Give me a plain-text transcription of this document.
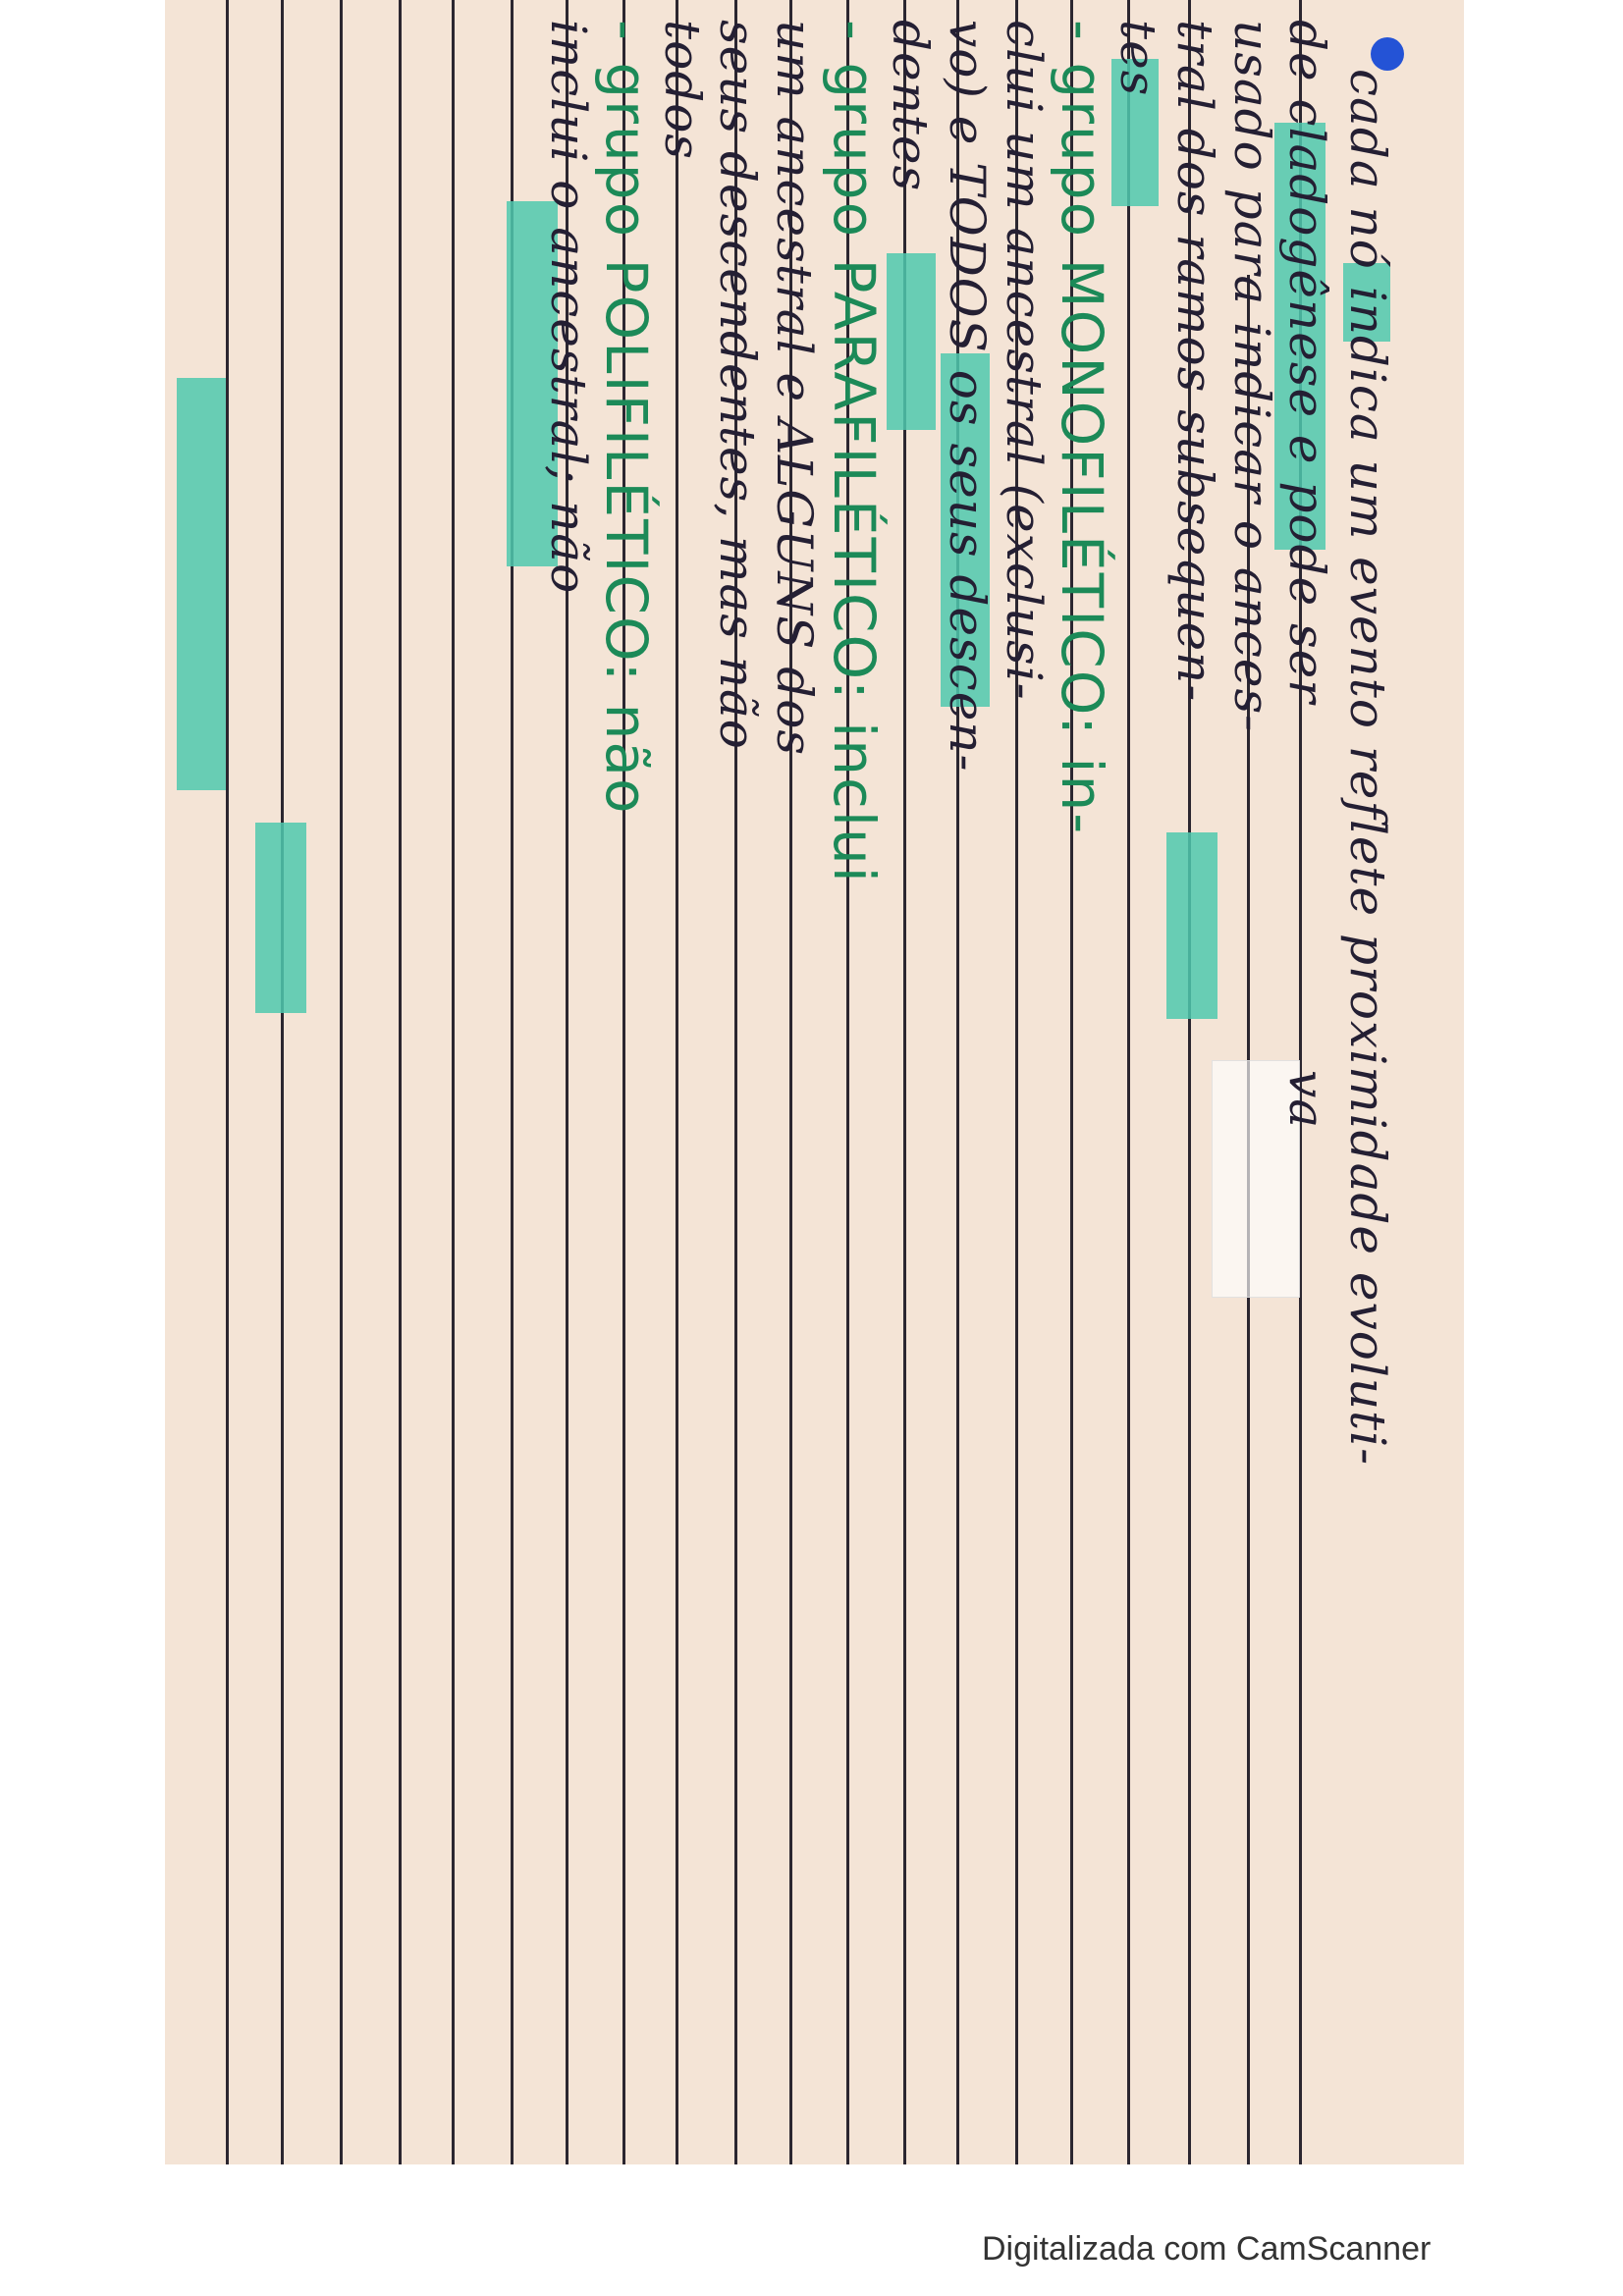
cada nó indica um evento reflete proximidade evoluti-
va
de cladogênese e pode ser
usado para indicar o ances-
tral dos ramos subsequen-
tes
- grupo MONOFILÉTICO: in-
clui um ancestral (exclusi-
vo) e TODOS os seus descen-
dentes
- grupo PARAFILÉTICO: inclui
um ancestral e ALGUNS dos
seus descendentes, mas não
todos
- grupo POLIFILÉTICO: não
inclui o ancestral; não
Digitalizada com CamScanner
